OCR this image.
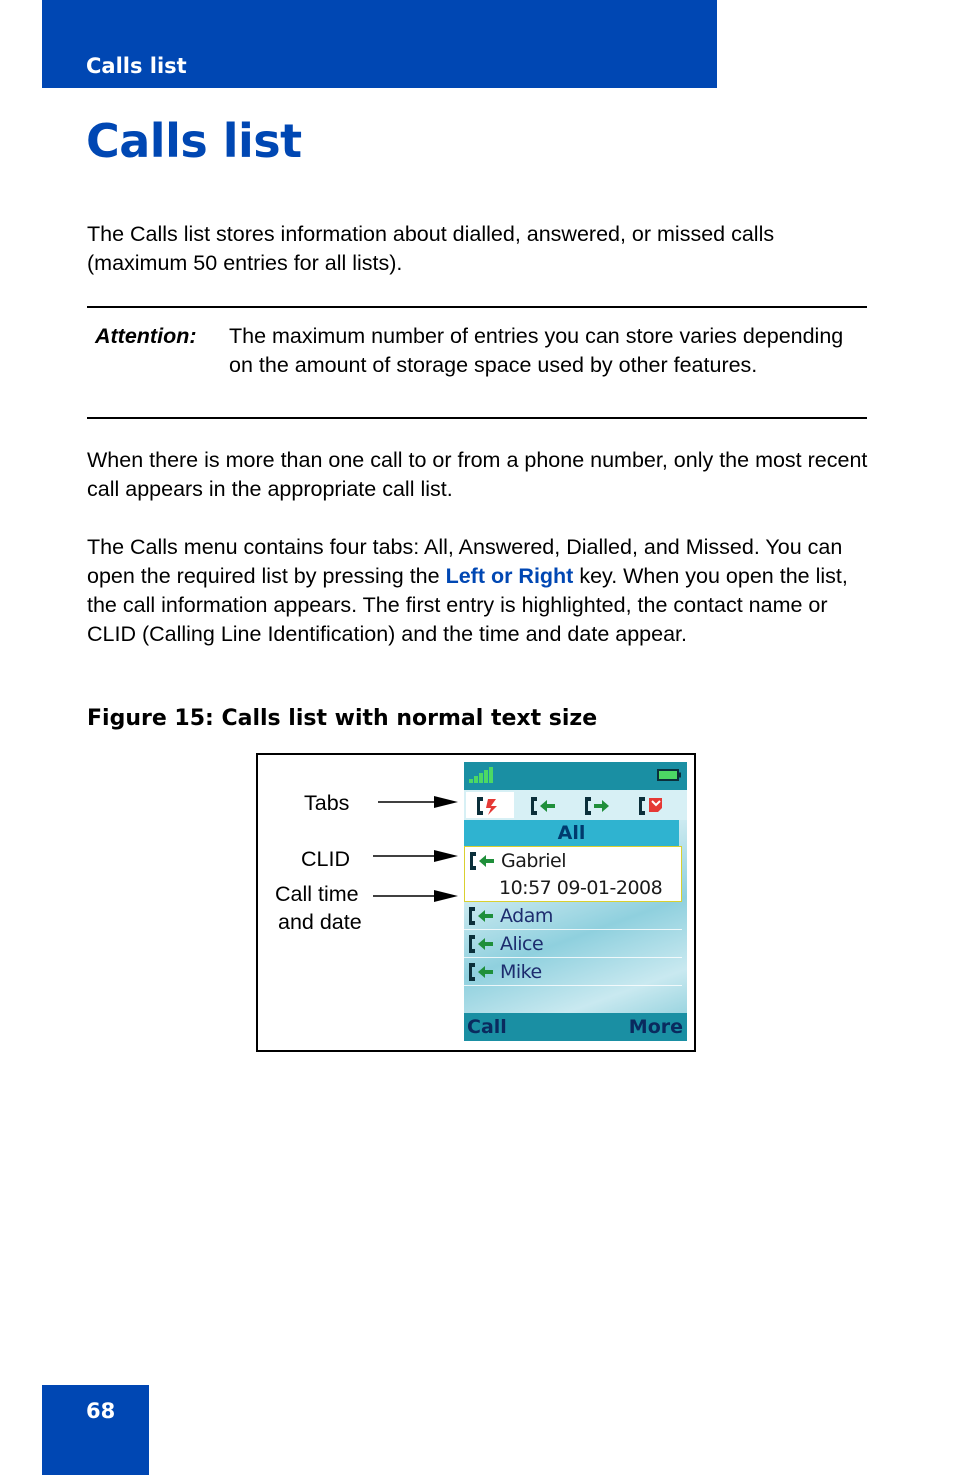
Calls list
Calls list

The Calls list stores information about dialled, answered, or missed calls (maximum 50 entries for all lists).

Attention: The maximum number of entries you can store varies depending on the amount of storage space used by other features.

When there is more than one call to or from a phone number, only the most recent call appears in the appropriate call list.

The Calls menu contains four tabs: All, Answered, Dialled, and Missed. You can open the required list by pressing the Left or Right key. When you open the list, the call information appears. The first entry is highlighted, the contact name or CLID (Calling Line Identification) and the time and date appear.

Figure 15: Calls list with normal text size

Tabs
CLID
Call time
and date
All
Gabriel
10:57 09-01-2008
Adam
Alice
Mike
Call	More
68
